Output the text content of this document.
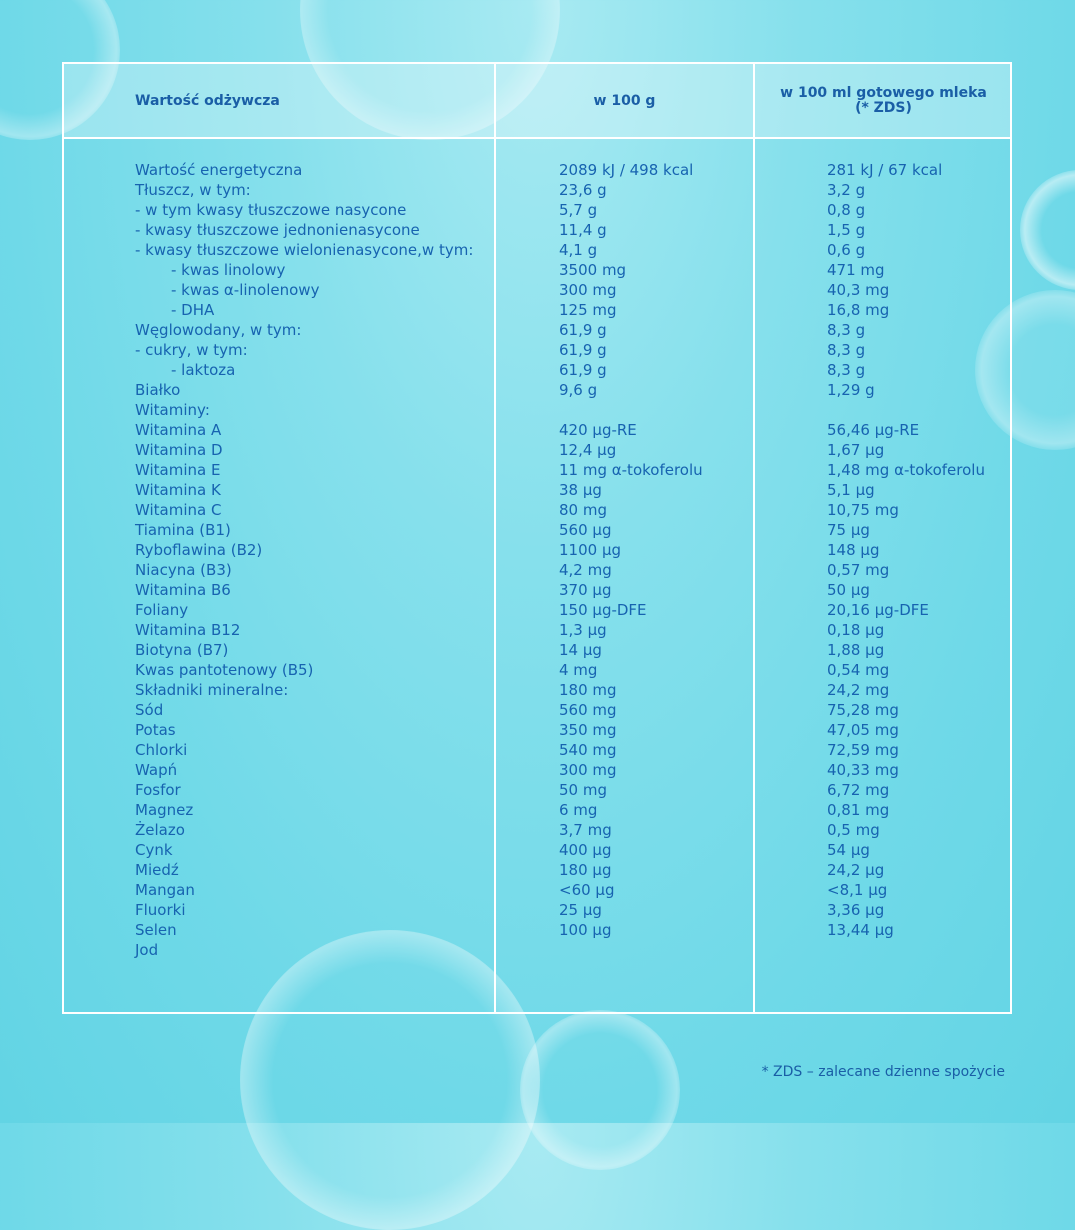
Wartość odżywcza	w 100 g	w 100 ml gotowego mleka
(* ZDS)
Wartość energetyczna
Tłuszcz, w tym:
- w tym kwasy tłuszczowe nasycone
- kwasy tłuszczowe jednonienasycone
- kwasy tłuszczowe wielonienasycone,w tym:
- kwas linolowy
- kwas α-linolenowy
- DHA
Węglowodany, w tym:
- cukry, w tym:
- laktoza
Białko
Witaminy:
Witamina A
Witamina D
Witamina E
Witamina K
Witamina C
Tiamina (B1)
Ryboflawina (B2)
Niacyna (B3)
Witamina B6
Foliany
Witamina B12
Biotyna (B7)
Kwas pantotenowy (B5)
Składniki mineralne:
Sód
Potas
Chlorki
Wapń
Fosfor
Magnez
Żelazo
Cynk
Miedź
Mangan
Fluorki
Selen
Jod
2089 kJ / 498 kcal
23,6 g
5,7 g
11,4 g
4,1 g
3500 mg
300 mg
125 mg
61,9 g
61,9 g
61,9 g
9,6 g
420 µg-RE
12,4 µg
11 mg α-tokoferolu
38 µg
80 mg
560 µg
1100 µg
4,2 mg
370 µg
150 µg-DFE
1,3 µg
14 µg
4 mg
180 mg
560 mg
350 mg
540 mg
300 mg
50 mg
6 mg
3,7 mg
400 µg
180 µg
<60 µg
25 µg
100 µg
281 kJ / 67 kcal
3,2 g
0,8 g
1,5 g
0,6 g
471 mg
40,3 mg
16,8 mg
8,3 g
8,3 g
8,3 g
1,29 g
56,46 µg-RE
1,67 µg
1,48 mg α-tokoferolu
5,1 µg
10,75 mg
75 µg
148 µg
0,57 mg
50 µg
20,16 µg-DFE
0,18 µg
1,88 µg
0,54 mg
24,2 mg
75,28 mg
47,05 mg
72,59 mg
40,33 mg
6,72 mg
0,81 mg
0,5 mg
54 µg
24,2 µg
<8,1 µg
3,36 µg
13,44 µg
* ZDS – zalecane dzienne spożycie
